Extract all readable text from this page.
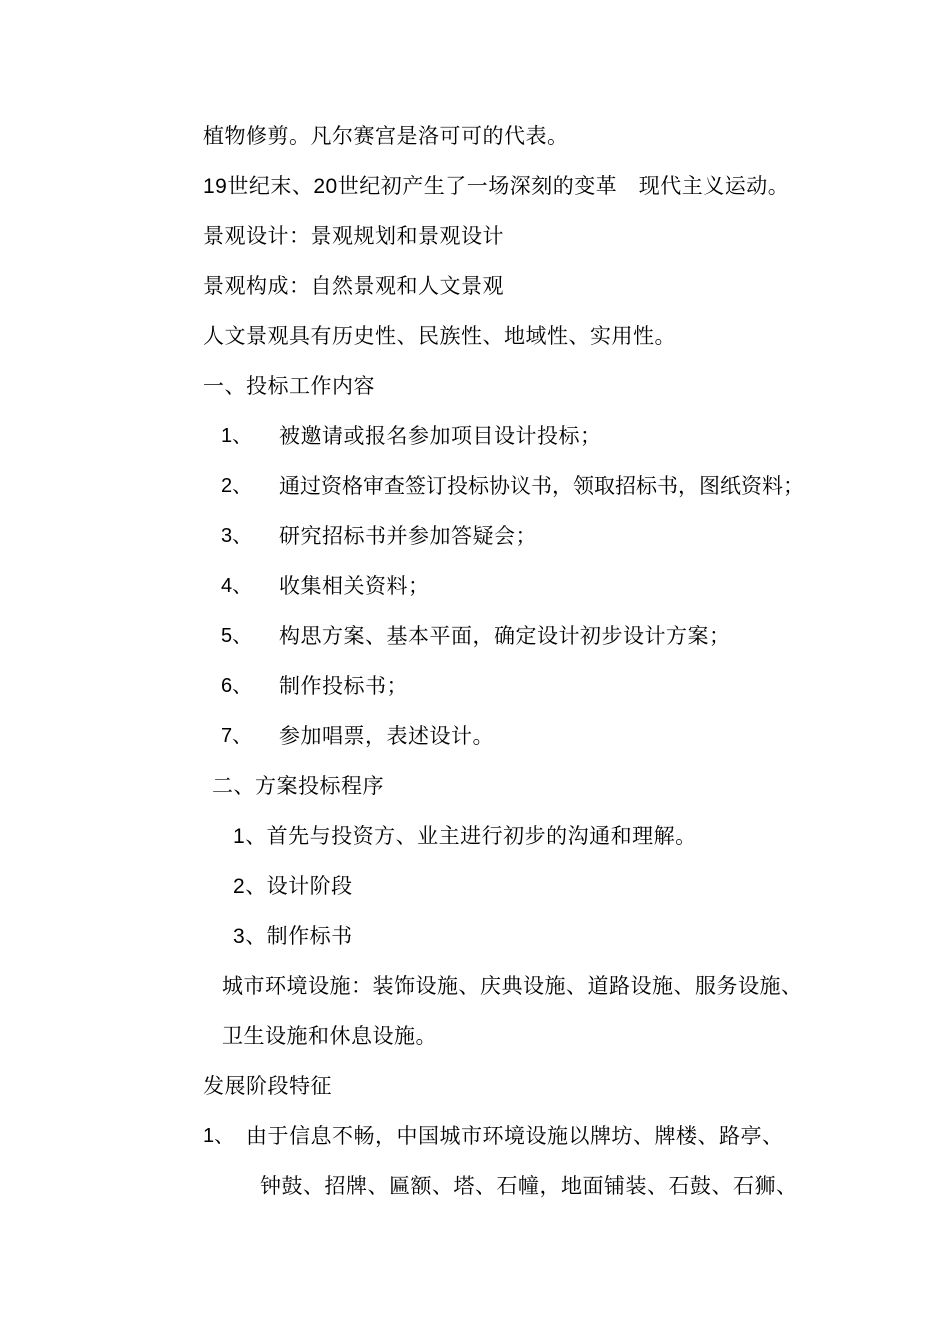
植物修剪。凡尔赛宫是洛可可的代表。
19世纪末、20世纪初产生了一场深刻的变革　现代主义运动。
景观设计：景观规划和景观设计
景观构成：自然景观和人文景观
人文景观具有历史性、民族性、地域性、实用性。
一、投标工作内容
1、 被邀请或报名参加项目设计投标；
2、 通过资格审查签订投标协议书，领取招标书，图纸资料；
3、 研究招标书并参加答疑会；
4、 收集相关资料；
5、 构思方案、基本平面，确定设计初步设计方案；
6、 制作投标书；
7、 参加唱票，表述设计。
二、方案投标程序
1、首先与投资方、业主进行初步的沟通和理解。
2、设计阶段
3、制作标书
城市环境设施：装饰设施、庆典设施、道路设施、服务设施、
卫生设施和休息设施。
发展阶段特征
1、 由于信息不畅，中国城市环境设施以牌坊、牌楼、路亭、
钟鼓、招牌、匾额、塔、石幢，地面铺装、石鼓、石狮、
